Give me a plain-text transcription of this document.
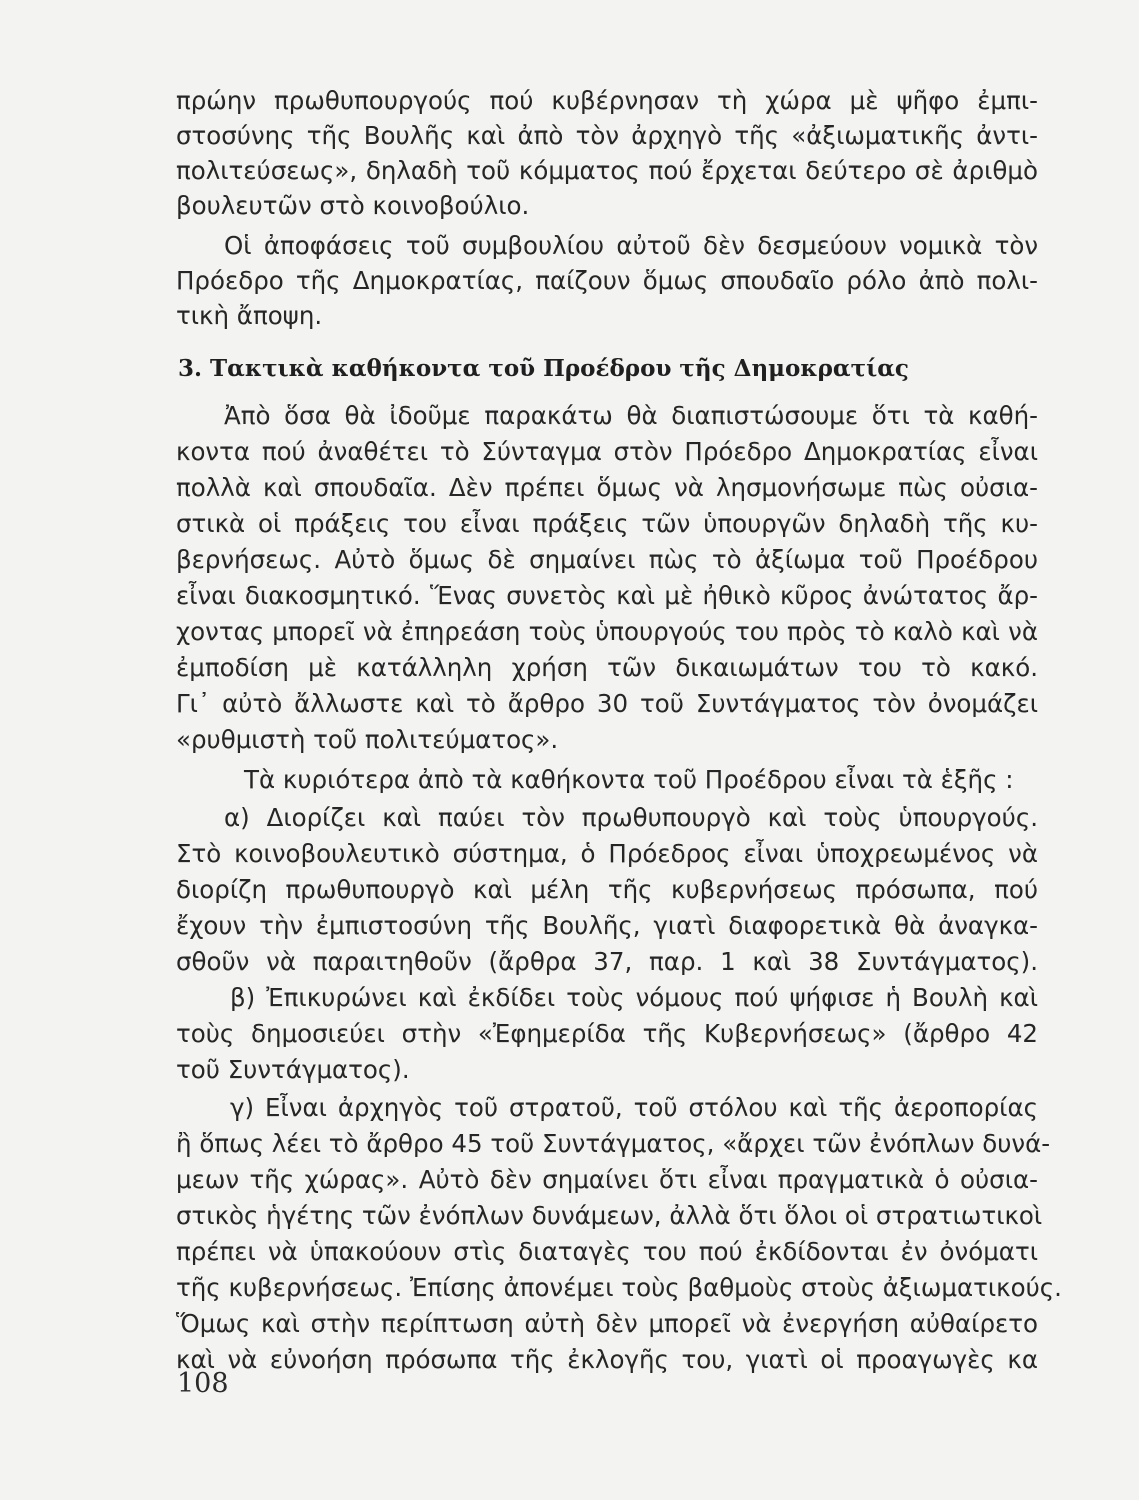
πρώην πρωθυπουργούς πού κυβέρνησαν τὴ χώρα μὲ ψῆφο ἐμπι-
στοσύνης τῆς Βουλῆς καὶ ἀπὸ τὸν ἀρχηγὸ τῆς «ἀξιωματικῆς ἀντι-
πολιτεύσεως», δηλαδὴ τοῦ κόμματος πού ἔρχεται δεύτερο σὲ ἀριθμὸ
βουλευτῶν στὸ κοινοβούλιο.
Οἱ ἀποφάσεις τοῦ συμβουλίου αὐτοῦ δὲν δεσμεύουν νομικὰ τὸν
Πρόεδρο τῆς Δημοκρατίας, παίζουν ὅμως σπουδαῖο ρόλο ἀπὸ πολι-
τικὴ ἄποψη.
3. Τακτικὰ καθήκοντα τοῦ Προέδρου τῆς Δημοκρατίας
Ἀπὸ ὅσα θὰ ἰδοῦμε παρακάτω θὰ διαπιστώσουμε ὅτι τὰ καθή-
κοντα πού ἀναθέτει τὸ Σύνταγμα στὸν Πρόεδρο Δημοκρατίας εἶναι
πολλὰ καὶ σπουδαῖα. Δὲν πρέπει ὅμως νὰ λησμονήσωμε πὼς οὐσια-
στικὰ οἱ πράξεις του εἶναι πράξεις τῶν ὑπουργῶν δηλαδὴ τῆς κυ-
βερνήσεως. Αὐτὸ ὅμως δὲ σημαίνει πὼς τὸ ἀξίωμα τοῦ Προέδρου
εἶναι διακοσμητικό. Ἕνας συνετὸς καὶ μὲ ἠθικὸ κῦρος ἀνώτατος ἄρ-
χοντας μπορεῖ νὰ ἐπηρεάση τοὺς ὑπουργούς του πρὸς τὸ καλὸ καὶ νὰ
ἐμποδίση μὲ κατάλληλη χρήση τῶν δικαιωμάτων του τὸ κακό.
Γι᾽ αὐτὸ ἄλλωστε καὶ τὸ ἄρθρο 30 τοῦ Συντάγματος τὸν ὀνομάζει
«ρυθμιστὴ τοῦ πολιτεύματος».
Τὰ κυριότερα ἀπὸ τὰ καθήκοντα τοῦ Προέδρου εἶναι τὰ ἑξῆς :
α) Διορίζει καὶ παύει τὸν πρωθυπουργὸ καὶ τοὺς ὑπουργούς.
Στὸ κοινοβουλευτικὸ σύστημα, ὁ Πρόεδρος εἶναι ὑποχρεωμένος νὰ
διορίζη πρωθυπουργὸ καὶ μέλη τῆς κυβερνήσεως πρόσωπα, πού
ἔχουν τὴν ἐμπιστοσύνη τῆς Βουλῆς, γιατὶ διαφορετικὰ θὰ ἀναγκα-
σθοῦν νὰ παραιτηθοῦν (ἄρθρα 37, παρ. 1 καὶ 38 Συντάγματος).
β) Ἐπικυρώνει καὶ ἐκδίδει τοὺς νόμους πού ψήφισε ἡ Βουλὴ καὶ
τοὺς δημοσιεύει στὴν «Ἐφημερίδα τῆς Κυβερνήσεως» (ἄρθρο 42
τοῦ Συντάγματος).
γ) Εἶναι ἀρχηγὸς τοῦ στρατοῦ, τοῦ στόλου καὶ τῆς ἀεροπορίας
ἢ ὅπως λέει τὸ ἄρθρο 45 τοῦ Συντάγματος, «ἄρχει τῶν ἐνόπλων δυνά-
μεων τῆς χώρας». Αὐτὸ δὲν σημαίνει ὅτι εἶναι πραγματικὰ ὁ οὐσια-
στικὸς ἡγέτης τῶν ἐνόπλων δυνάμεων, ἀλλὰ ὅτι ὅλοι οἱ στρατιωτικοὶ
πρέπει νὰ ὑπακούουν στὶς διαταγὲς του πού ἐκδίδονται ἐν ὀνόματι
τῆς κυβερνήσεως. Ἐπίσης ἀπονέμει τοὺς βαθμοὺς στοὺς ἀξιωματικούς.
Ὅμως καὶ στὴν περίπτωση αὐτὴ δὲν μπορεῖ νὰ ἐνεργήση αὐθαίρετο
καὶ νὰ εὐνοήση πρόσωπα τῆς ἐκλογῆς του, γιατὶ οἱ προαγωγὲς κα
108
